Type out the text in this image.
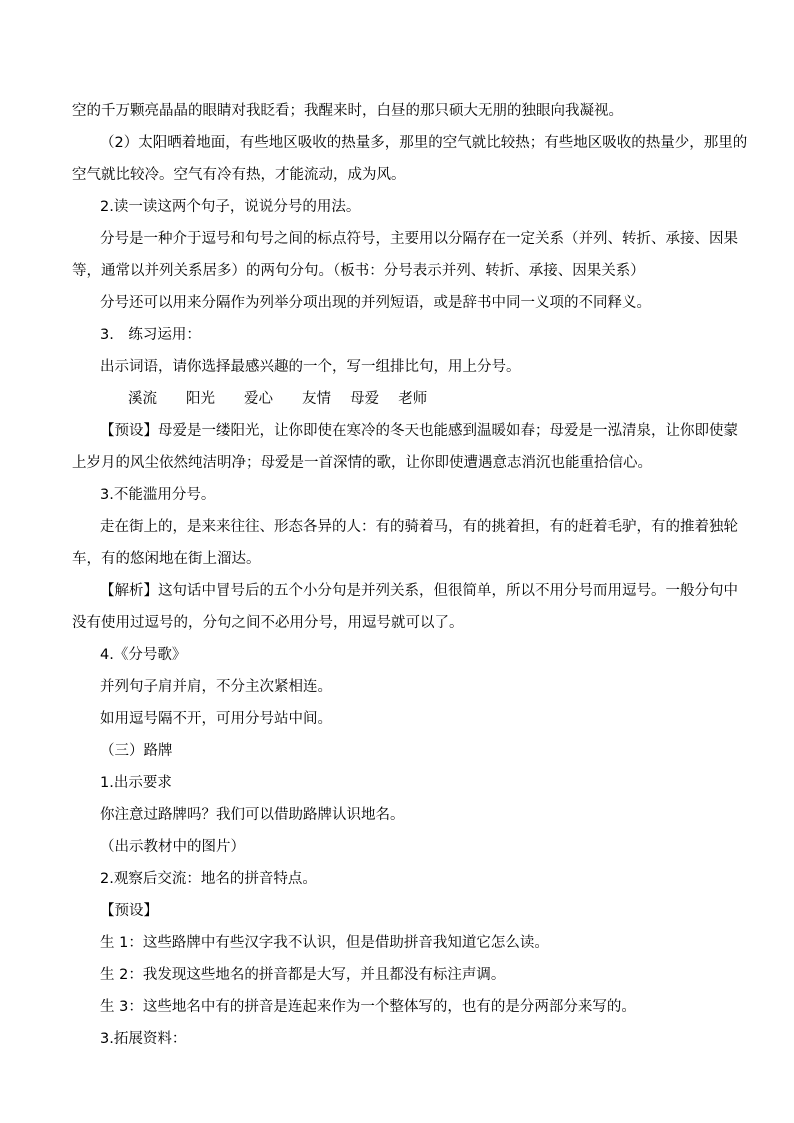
空的千万颗亮晶晶的眼睛对我眨看；我醒来时，白昼的那只硕大无朋的独眼向我凝视。

（2）太阳晒着地面，有些地区吸收的热量多，那里的空气就比较热；有些地区吸收的热量少，那里的

空气就比较冷。空气有冷有热，才能流动，成为风。

2.读一读这两个句子，说说分号的用法。

分号是一种介于逗号和句号之间的标点符号，主要用以分隔存在一定关系（并列、转折、承接、因果

等，通常以并列关系居多）的两句分句。（板书：分号表示并列、转折、承接、因果关系）

分号还可以用来分隔作为列举分项出现的并列短语，或是辞书中同一义项的不同释义。

3.　练习运用：

出示词语，请你选择最感兴趣的一个，写一组排比句，用上分号。

溪流　　阳光　　爱心　　友情　 母爱　 老师

【预设】母爱是一缕阳光，让你即使在寒冷的冬天也能感到温暖如春；母爱是一泓清泉，让你即使蒙

上岁月的风尘依然纯洁明净；母爱是一首深情的歌，让你即使遭遇意志消沉也能重拾信心。

3.不能滥用分号。

走在街上的，是来来往往、形态各异的人：有的骑着马，有的挑着担，有的赶着毛驴，有的推着独轮

车，有的悠闲地在街上溜达。

【解析】这句话中冒号后的五个小分句是并列关系，但很简单，所以不用分号而用逗号。一般分句中

没有使用过逗号的，分句之间不必用分号，用逗号就可以了。

4.《分号歌》

并列句子肩并肩，不分主次紧相连。

如用逗号隔不开，可用分号站中间。

（三）路牌

1.出示要求

你注意过路牌吗？我们可以借助路牌认识地名。

（出示教材中的图片）

2.观察后交流：地名的拼音特点。

【预设】

生 1：这些路牌中有些汉字我不认识，但是借助拼音我知道它怎么读。

生 2：我发现这些地名的拼音都是大写，并且都没有标注声调。

生 3：这些地名中有的拼音是连起来作为一个整体写的，也有的是分两部分来写的。

3.拓展资料：
